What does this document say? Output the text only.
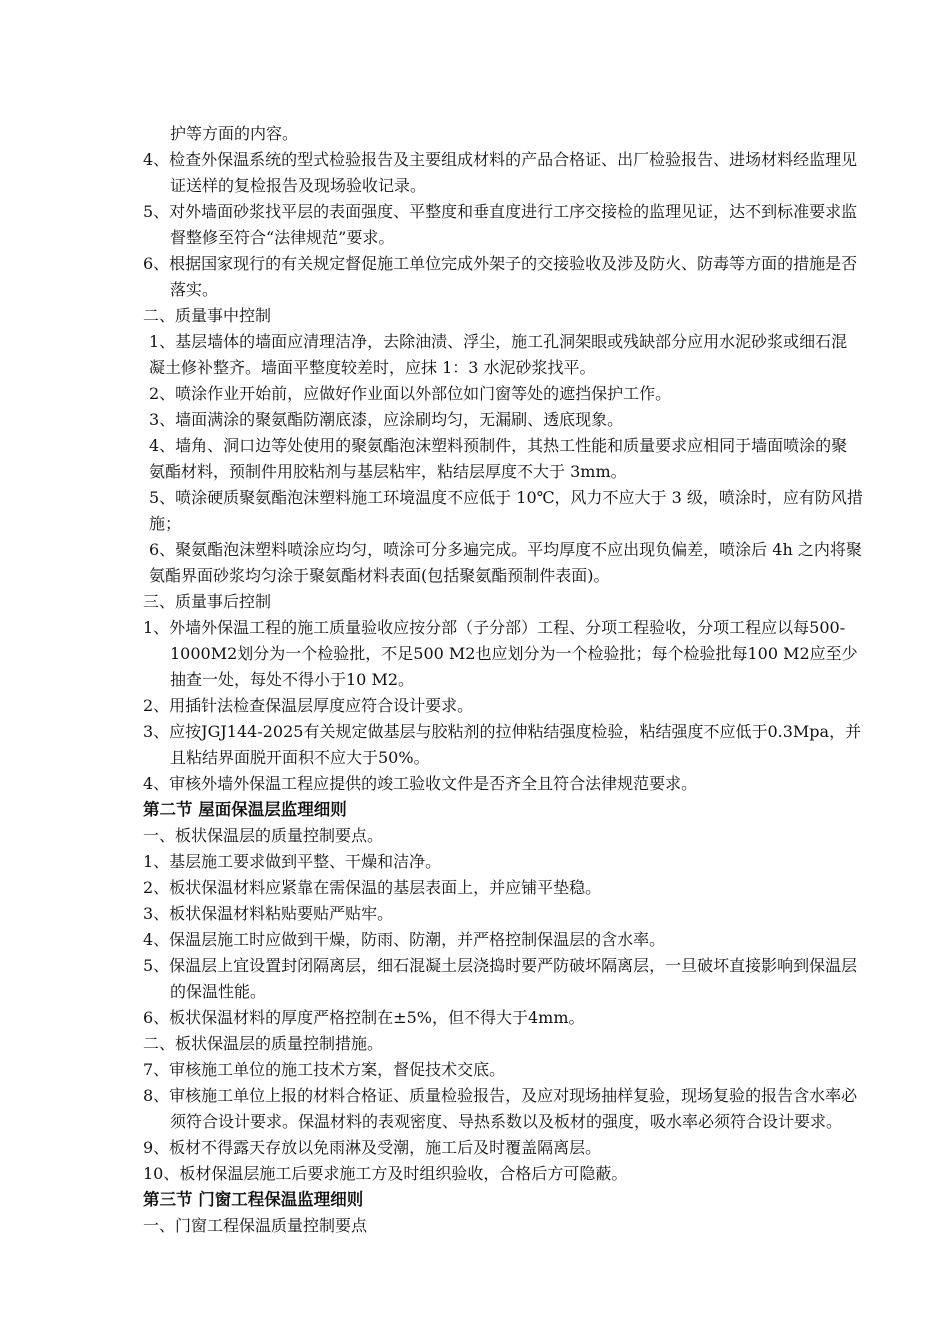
护等方面的内容。
4、检查外保温系统的型式检验报告及主要组成材料的产品合格证、出厂检验报告、进场材料经监理见证送样的复检报告及现场验收记录。
5、对外墙面砂浆找平层的表面强度、平整度和垂直度进行工序交接检的监理见证，达不到标准要求监督整修至符合“法律规范”要求。
6、根据国家现行的有关规定督促施工单位完成外架子的交接验收及涉及防火、防毒等方面的措施是否落实。
二、质量事中控制
1、基层墙体的墙面应清理洁净，去除油渍、浮尘，施工孔洞架眼或残缺部分应用水泥砂浆或细石混凝土修补整齐。墙面平整度较差时，应抹 1：3 水泥砂浆找平。
2、喷涂作业开始前，应做好作业面以外部位如门窗等处的遮挡保护工作。
3、墙面满涂的聚氨酯防潮底漆，应涂刷均匀，无漏刷、透底现象。
4、墙角、洞口边等处使用的聚氨酯泡沫塑料预制件，其热工性能和质量要求应相同于墙面喷涂的聚氨酯材料，预制件用胶粘剂与基层粘牢，粘结层厚度不大于 3mm。
5、喷涂硬质聚氨酯泡沫塑料施工环境温度不应低于 10℃，风力不应大于 3 级，喷涂时，应有防风措施；
6、聚氨酯泡沫塑料喷涂应均匀，喷涂可分多遍完成。平均厚度不应出现负偏差，喷涂后 4h 之内将聚氨酯界面砂浆均匀涂于聚氨酯材料表面(包括聚氨酯预制件表面)。
三、质量事后控制
1、外墙外保温工程的施工质量验收应按分部（子分部）工程、分项工程验收，分项工程应以每500-1000M2划分为一个检验批，不足500 M2也应划分为一个检验批；每个检验批每100 M2应至少抽查一处，每处不得小于10 M2。
2、用插针法检查保温层厚度应符合设计要求。
3、应按JGJ144-2025有关规定做基层与胶粘剂的拉伸粘结强度检验，粘结强度不应低于0.3Mpa，并且粘结界面脱开面积不应大于50%。
4、审核外墙外保温工程应提供的竣工验收文件是否齐全且符合法律规范要求。
第二节 屋面保温层监理细则
一、板状保温层的质量控制要点。
1、基层施工要求做到平整、干燥和洁净。
2、板状保温材料应紧靠在需保温的基层表面上，并应铺平垫稳。
3、板状保温材料粘贴要贴严贴牢。
4、保温层施工时应做到干燥，防雨、防潮，并严格控制保温层的含水率。
5、保温层上宜设置封闭隔离层，细石混凝土层浇捣时要严防破坏隔离层，一旦破坏直接影响到保温层的保温性能。
6、板状保温材料的厚度严格控制在±5%，但不得大于4mm。
二、板状保温层的质量控制措施。
7、审核施工单位的施工技术方案，督促技术交底。
8、审核施工单位上报的材料合格证、质量检验报告，及应对现场抽样复验，现场复验的报告含水率必须符合设计要求。保温材料的表观密度、导热系数以及板材的强度，吸水率必须符合设计要求。
9、板材不得露天存放以免雨淋及受潮，施工后及时覆盖隔离层。
10、板材保温层施工后要求施工方及时组织验收，合格后方可隐蔽。
第三节 门窗工程保温监理细则
一、门窗工程保温质量控制要点
